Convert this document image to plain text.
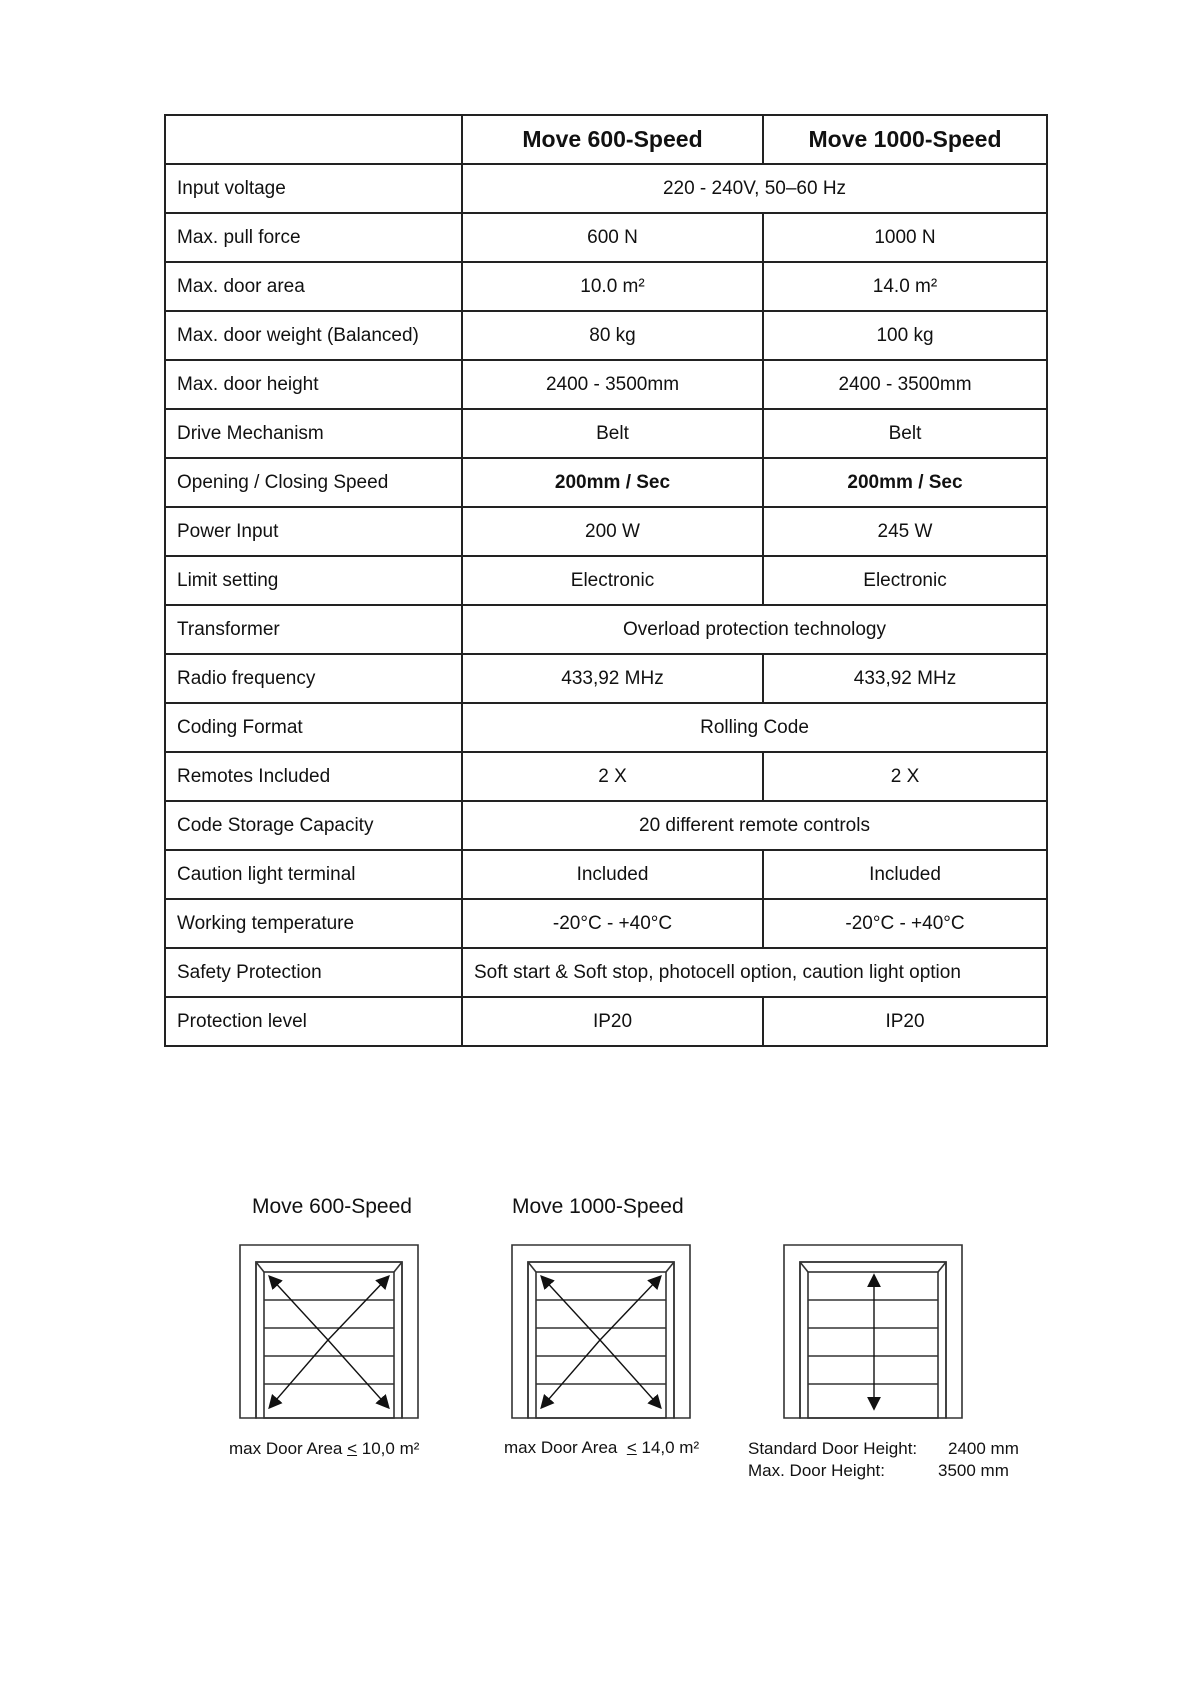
	Move 600-Speed	Move 1000-Speed
Input voltage	220 - 240V, 50–60 Hz	
Max. pull force	600 N	1000 N
Max. door area	10.0 m²	14.0 m²
Max. door weight (Balanced)	80 kg	100 kg
Max. door height	2400 - 3500mm	2400 - 3500mm
Drive Mechanism	Belt	Belt
Opening / Closing Speed	200mm / Sec	200mm / Sec
Power Input	200 W	245 W
Limit setting	Electronic	Electronic
Transformer	Overload protection technology	
Radio frequency	433,92 MHz	433,92 MHz
Coding Format	Rolling Code	
Remotes Included	2 X	2 X
Code Storage Capacity	20 different remote controls	
Caution light terminal	Included	Included
Working temperature	-20°C - +40°C	-20°C - +40°C
Safety Protection	Soft start & Soft stop, photocell option, caution light option	
Protection level	IP20	IP20
Move 600-Speed	Move 1000-Speed
max Door Area < 10,0 m²	max Door Area  < 14,0 m²	Standard Door Height: 2400 mm
Max. Door Height:	3500 mm
